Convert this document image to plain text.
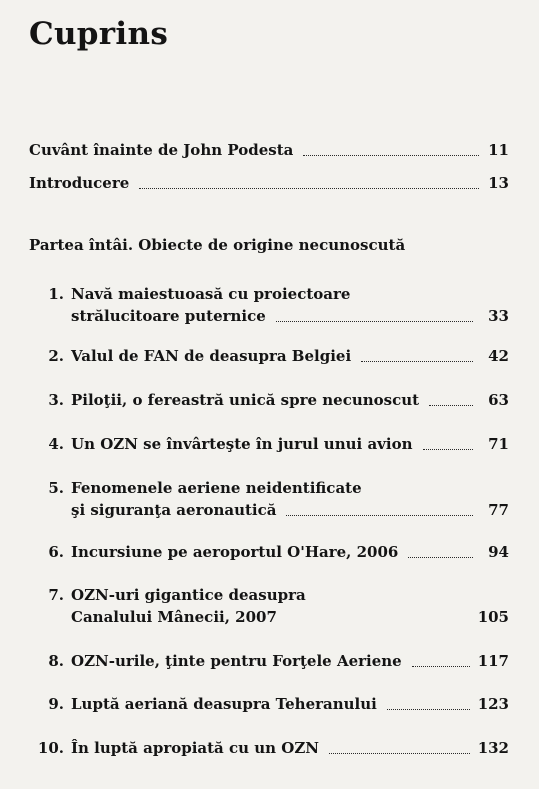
Cuprins
Cuvânt înainte de John Podesta	11
Introducere	13
Partea întâi. Obiecte de origine necunoscută
1. Navă maiestuoasă cu proiectoare
strălucitoare puternice	33
2. Valul de FAN de deasupra Belgiei	42
3. Piloţii, o fereastră unică spre necunoscut	63
4. Un OZN se învârteşte în jurul unui avion	71
5. Fenomenele aeriene neidentificate
şi siguranţa aeronautică	77
6. Incursiune pe aeroportul O'Hare, 2006	94
7. OZN-uri gigantice deasupra
Canalului Mânecii, 2007	105
8. OZN-urile, ţinte pentru Forţele Aeriene	117
9. Luptă aeriană deasupra Teheranului	123
10. În luptă apropiată cu un OZN	132
